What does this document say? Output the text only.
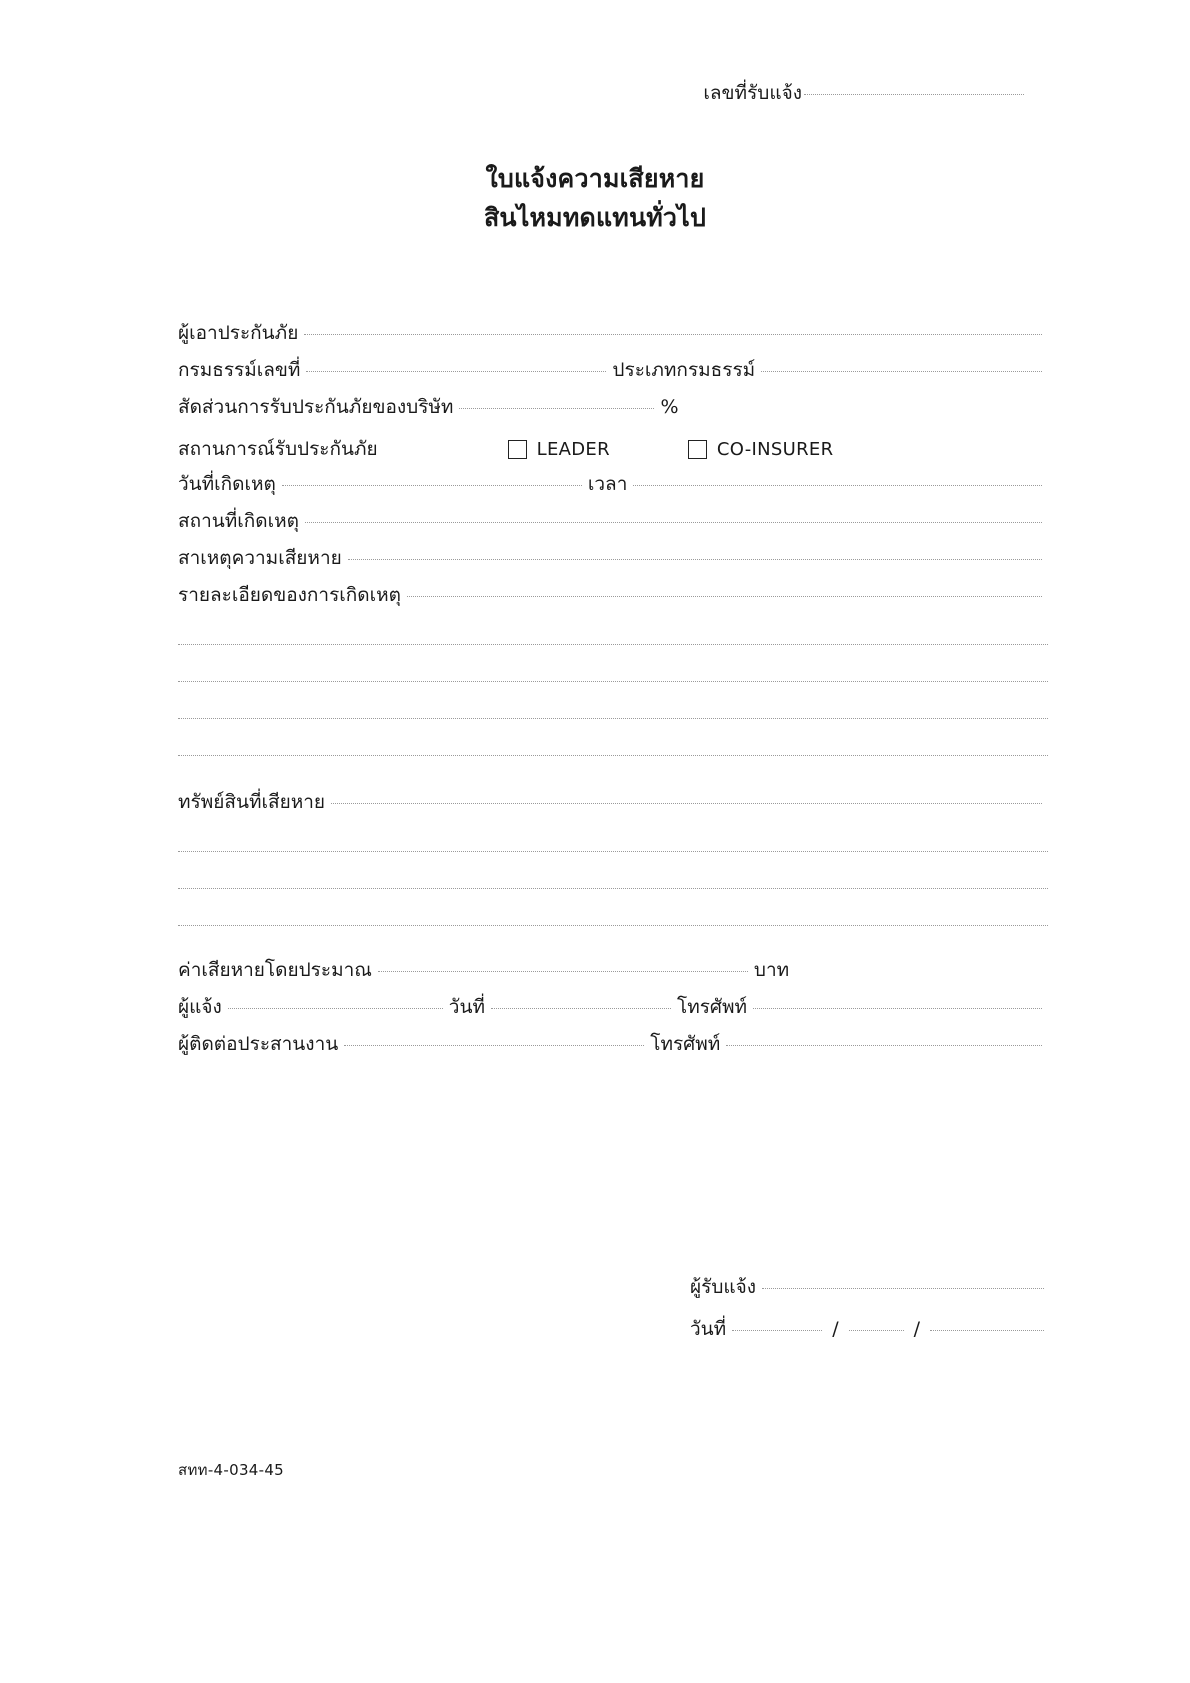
เลขที่รับแจ้ง
ใบแจ้งความเสียหาย
สินไหมทดแทนทั่วไป
ผู้เอาประกันภัย
กรมธรรม์เลขที่	ประเภทกรมธรรม์
สัดส่วนการรับประกันภัยของบริษัท	%
สถานการณ์รับประกันภัย	LEADER	CO-INSURER
วันที่เกิดเหตุ	เวลา
สถานที่เกิดเหตุ
สาเหตุความเสียหาย
รายละเอียดของการเกิดเหตุ
ทรัพย์สินที่เสียหาย
ค่าเสียหายโดยประมาณ	บาท
ผู้แจ้ง	วันที่	โทรศัพท์
ผู้ติดต่อประสานงาน	โทรศัพท์
ผู้รับแจ้ง
วันที่	/	/
สทท-4-034-45
